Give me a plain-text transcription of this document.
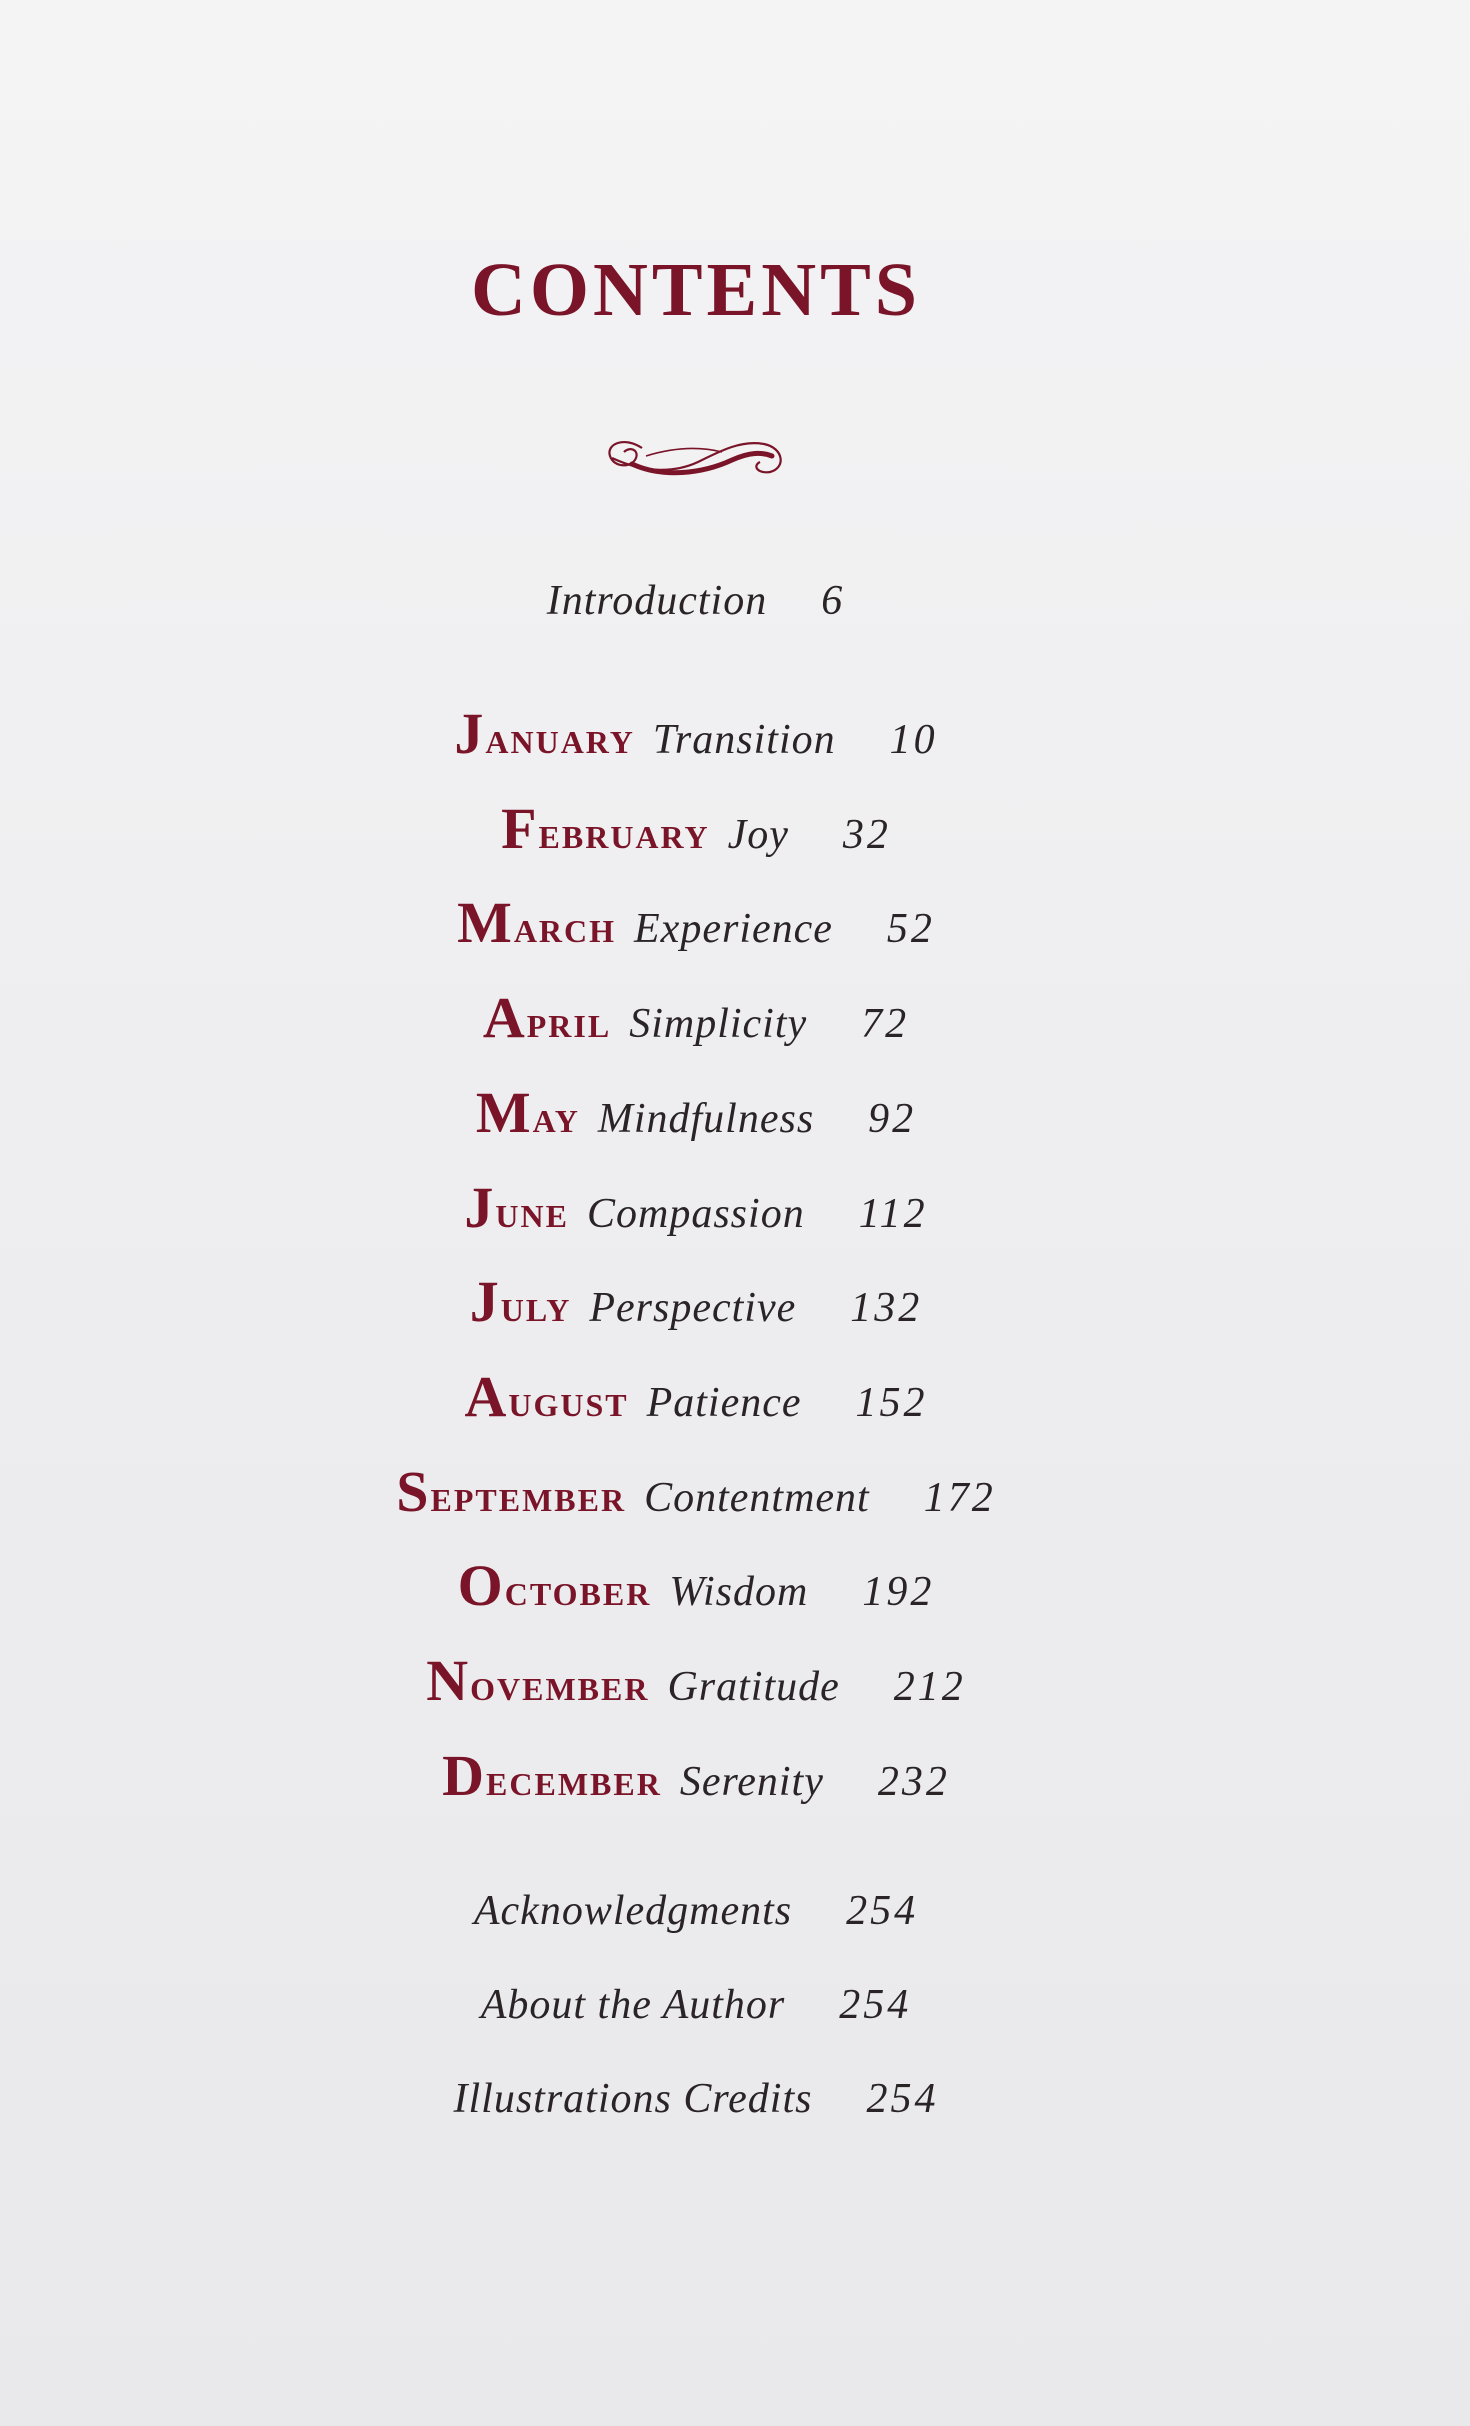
CONTENTS
Introduction 6
January Transition 10
February Joy 32
March Experience 52
April Simplicity 72
May Mindfulness 92
June Compassion 112
July Perspective 132
August Patience 152
September Contentment 172
October Wisdom 192
November Gratitude 212
December Serenity 232
Acknowledgments 254
About the Author 254
Illustrations Credits 254
